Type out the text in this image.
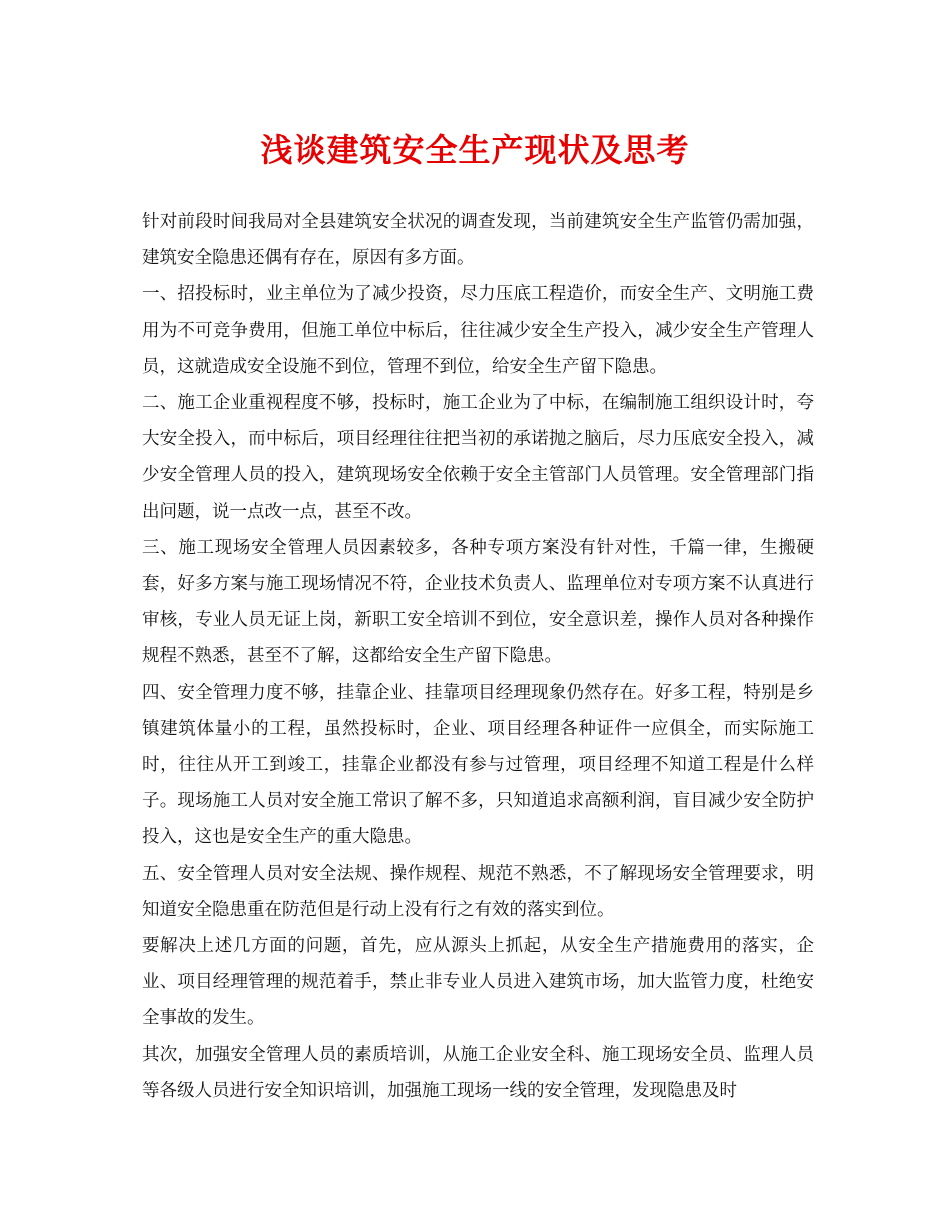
浅谈建筑安全生产现状及思考

针对前段时间我局对全县建筑安全状况的调查发现，当前建筑安全生产监管仍需加强，建筑安全隐患还偶有存在，原因有多方面。

一、招投标时，业主单位为了减少投资，尽力压底工程造价，而安全生产、文明施工费用为不可竞争费用，但施工单位中标后，往往减少安全生产投入，减少安全生产管理人员，这就造成安全设施不到位，管理不到位，给安全生产留下隐患。

二、施工企业重视程度不够，投标时，施工企业为了中标，在编制施工组织设计时，夸大安全投入，而中标后，项目经理往往把当初的承诺抛之脑后，尽力压底安全投入，减少安全管理人员的投入，建筑现场安全依赖于安全主管部门人员管理。安全管理部门指出问题，说一点改一点，甚至不改。

三、施工现场安全管理人员因素较多，各种专项方案没有针对性，千篇一律，生搬硬套，好多方案与施工现场情况不符，企业技术负责人、监理单位对专项方案不认真进行审核，专业人员无证上岗，新职工安全培训不到位，安全意识差，操作人员对各种操作规程不熟悉，甚至不了解，这都给安全生产留下隐患。

四、安全管理力度不够，挂靠企业、挂靠项目经理现象仍然存在。好多工程，特别是乡镇建筑体量小的工程，虽然投标时，企业、项目经理各种证件一应俱全，而实际施工时，往往从开工到竣工，挂靠企业都没有参与过管理，项目经理不知道工程是什么样子。现场施工人员对安全施工常识了解不多，只知道追求高额利润，盲目减少安全防护投入，这也是安全生产的重大隐患。

五、安全管理人员对安全法规、操作规程、规范不熟悉，不了解现场安全管理要求，明知道安全隐患重在防范但是行动上没有行之有效的落实到位。

要解决上述几方面的问题，首先，应从源头上抓起，从安全生产措施费用的落实，企业、项目经理管理的规范着手，禁止非专业人员进入建筑市场，加大监管力度，杜绝安全事故的发生。

其次，加强安全管理人员的素质培训，从施工企业安全科、施工现场安全员、监理人员等各级人员进行安全知识培训，加强施工现场一线的安全管理，发现隐患及时
